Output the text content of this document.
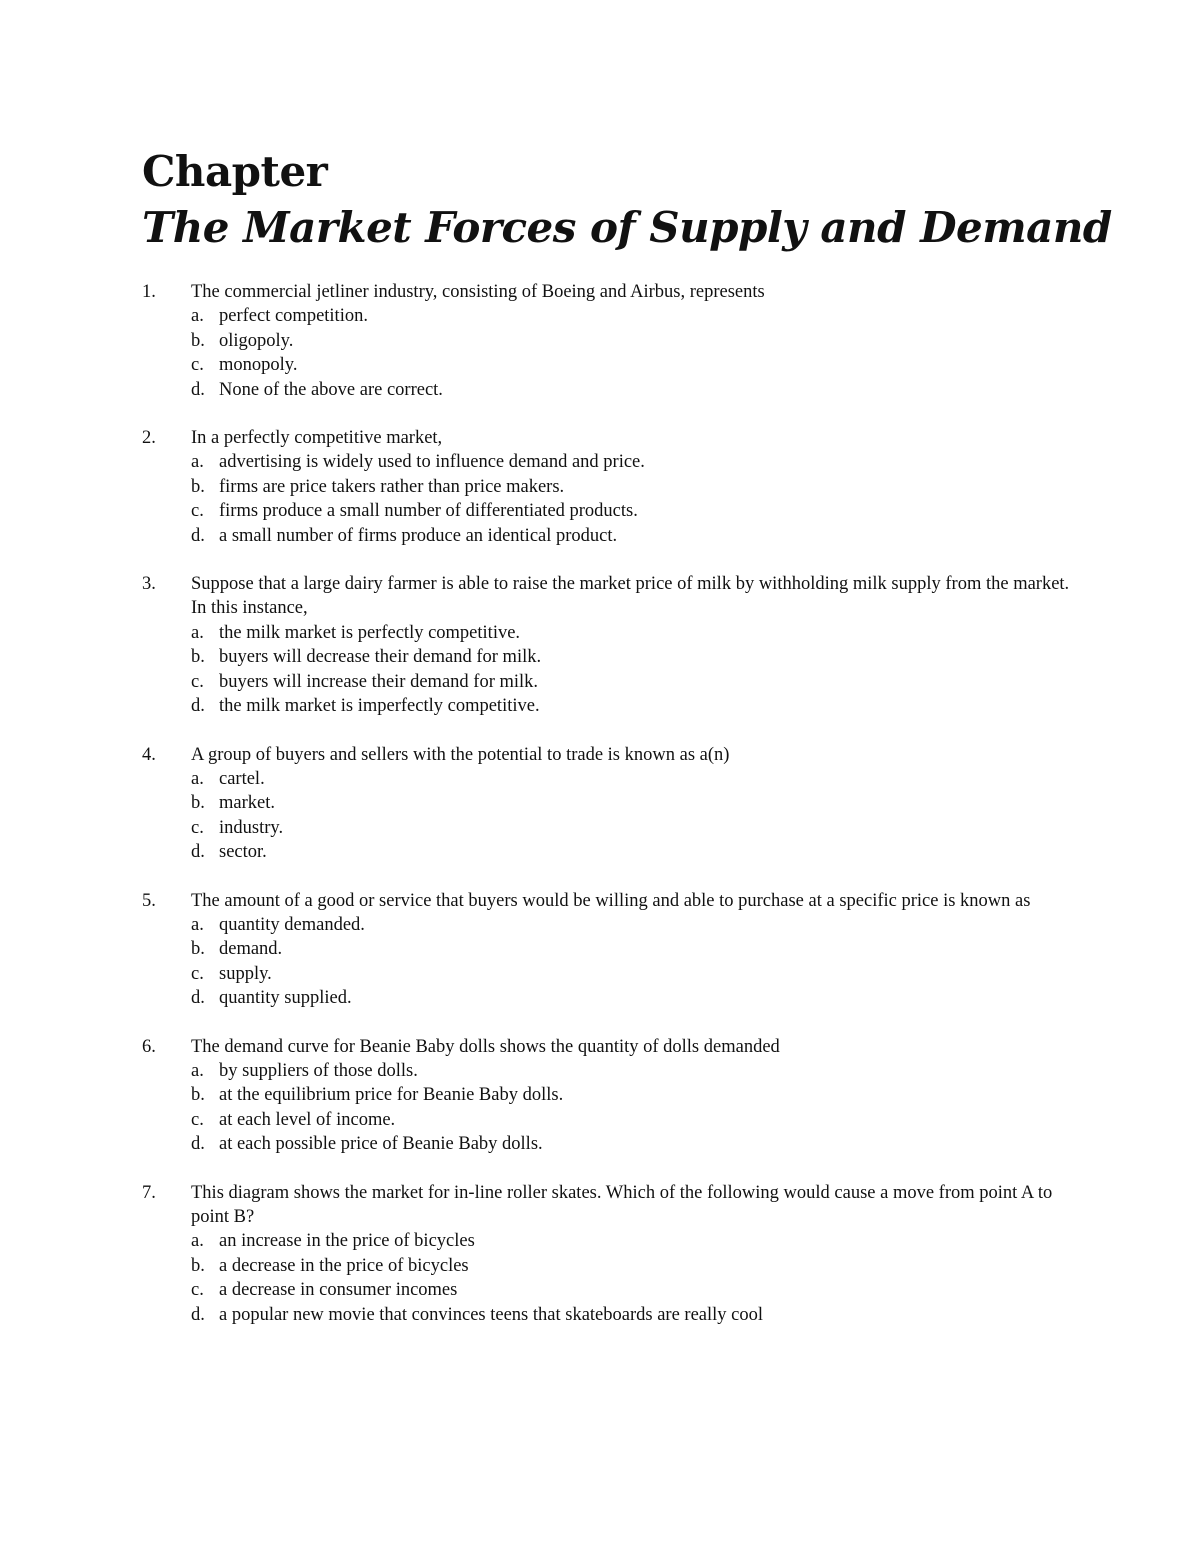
Chapter
The Market Forces of Supply and Demand
1.	The commercial jetliner industry, consisting of Boeing and Airbus, represents
a. perfect competition.
b. oligopoly.
c. monopoly.
d. None of the above are correct.
2.	In a perfectly competitive market,
a. advertising is widely used to influence demand and price.
b. firms are price takers rather than price makers.
c. firms produce a small number of differentiated products.
d. a small number of firms produce an identical product.
3.	Suppose that a large dairy farmer is able to raise the market price of milk by withholding milk supply from the market. In this instance,
a. the milk market is perfectly competitive.
b. buyers will decrease their demand for milk.
c. buyers will increase their demand for milk.
d. the milk market is imperfectly competitive.
4.	A group of buyers and sellers with the potential to trade is known as a(n)
a. cartel.
b. market.
c. industry.
d. sector.
5.	The amount of a good or service that buyers would be willing and able to purchase at a specific price is known as
a. quantity demanded.
b. demand.
c. supply.
d. quantity supplied.
6.	The demand curve for Beanie Baby dolls shows the quantity of dolls demanded
a. by suppliers of those dolls.
b. at the equilibrium price for Beanie Baby dolls.
c. at each level of income.
d. at each possible price of Beanie Baby dolls.
7.	This diagram shows the market for in-line roller skates. Which of the following would cause a move from point A to point B?
a. an increase in the price of bicycles
b. a decrease in the price of bicycles
c. a decrease in consumer incomes
d. a popular new movie that convinces teens that skateboards are really cool
